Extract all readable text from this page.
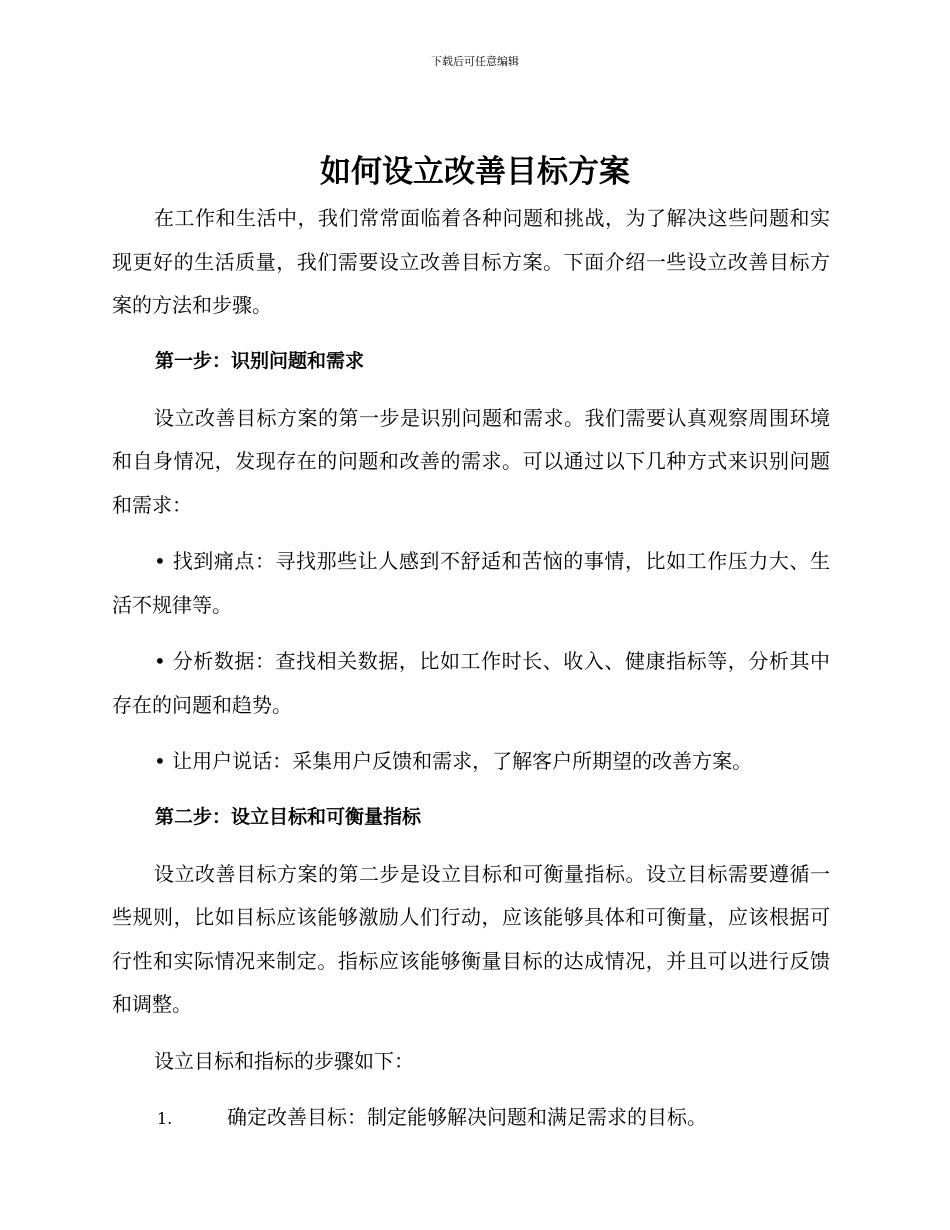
下载后可任意编辑
如何设立改善目标方案

在工作和生活中，我们常常面临着各种问题和挑战，为了解决这些问题和实现更好的生活质量，我们需要设立改善目标方案。下面介绍一些设立改善目标方案的方法和步骤。

第一步：识别问题和需求

设立改善目标方案的第一步是识别问题和需求。我们需要认真观察周围环境和自身情况，发现存在的问题和改善的需求。可以通过以下几种方式来识别问题和需求：

• 找到痛点：寻找那些让人感到不舒适和苦恼的事情，比如工作压力大、生活不规律等。

• 分析数据：查找相关数据，比如工作时长、收入、健康指标等，分析其中存在的问题和趋势。

• 让用户说话：采集用户反馈和需求，了解客户所期望的改善方案。

第二步：设立目标和可衡量指标

设立改善目标方案的第二步是设立目标和可衡量指标。设立目标需要遵循一些规则，比如目标应该能够激励人们行动，应该能够具体和可衡量，应该根据可行性和实际情况来制定。指标应该能够衡量目标的达成情况，并且可以进行反馈和调整。

设立目标和指标的步骤如下：

1.	确定改善目标：制定能够解决问题和满足需求的目标。
